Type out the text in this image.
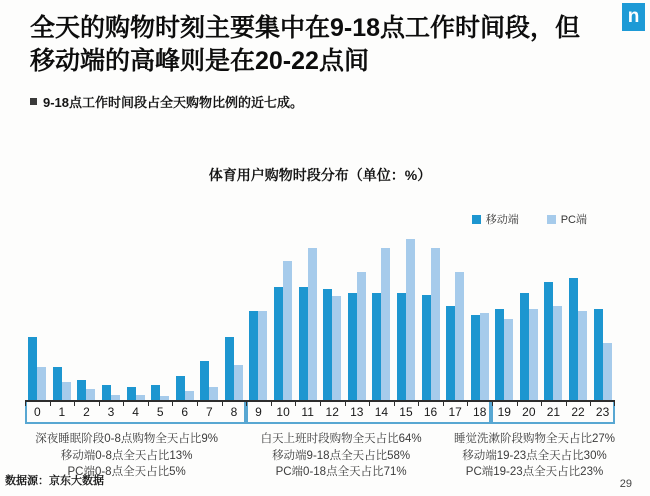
全天的购物时刻主要集中在9-18点工作时间段，但
移动端的高峰则是在20-22点间
n
9-18点工作时间段占全天购物比例的近七成。
体育用户购物时段分布（单位：%）
移动端	PC端
0	1	2	3	4	5	6	7	8	9	10 11 12 13 14 15 16 17 18 19 20 21 22 23
深夜睡眠阶段0-8点购物全天占比9%
移动端0-8点全天占比13%
PC端0-8点全天占比5%
白天上班时段购物全天占比64%
移动端9-18点全天占比58%
PC端0-18点全天占比71%
睡觉洗漱阶段购物全天占比27%
移动端19-23点全天占比30%
PC端19-23点全天占比23%
数据源：京东大数据	29
